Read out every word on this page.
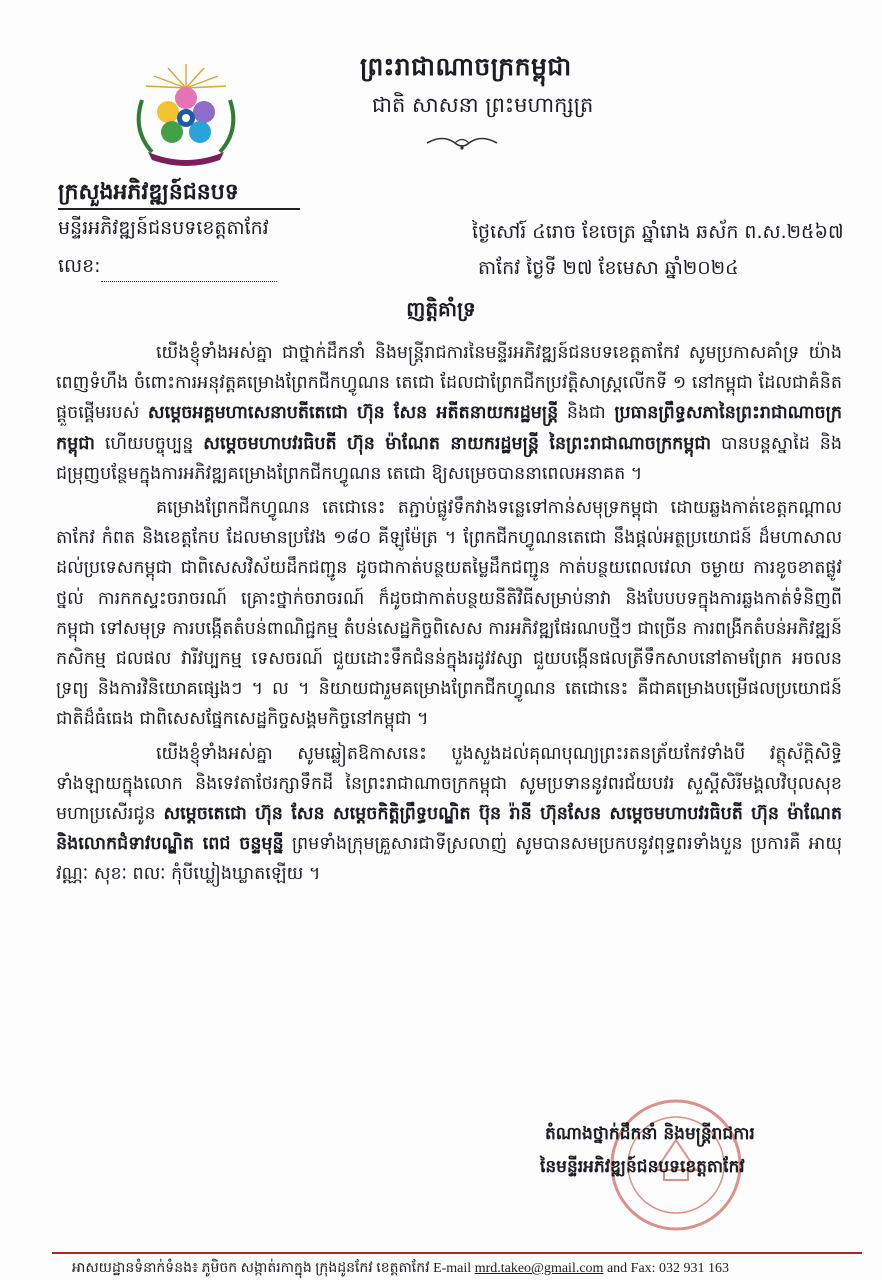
ព្រះរាជាណាចក្រកម្ពុជា
ជាតិ សាសនា ព្រះមហាក្សត្រ
ក្រសួងអភិវឌ្ឍន៍ជនបទ
មន្ទីរអភិវឌ្ឍន៍ជនបទខេត្តតាកែវ
លេខ:
ថ្ងៃសៅរ៍ ៤រោច ខែចេត្រ ឆ្នាំរោង ឆស័ក ព.ស.២៥៦៧
តាកែវ ថ្ងៃទី ២៧ ខែមេសា ឆ្នាំ២០២៤
ញត្តិគាំទ្រ

យើងខ្ញុំទាំងអស់គ្នា ជាថ្នាក់ដឹកនាំ និងមន្ត្រីរាជការនៃមន្ទីរអភិវឌ្ឍន៍ជនបទខេត្តតាកែវ សូមប្រកាសគាំទ្រ យ៉ាងពេញទំហឹង ចំពោះការអនុវត្តគម្រោងព្រែកជីកហ្វូណន តេជោ ដែលជាព្រែកជីកប្រវត្តិសាស្ត្រលើកទី ១ នៅកម្ពុជា ដែលជាគំនិតផ្តួចផ្តើមរបស់ សម្តេចអគ្គមហាសេនាបតីតេជោ ហ៊ុន សែន អតីតនាយករដ្ឋមន្ត្រី និងជា ប្រធានព្រឹទ្ធសភានៃព្រះរាជាណាចក្រកម្ពុជា ហើយបច្ចុប្បន្ន សម្តេចមហាបវរធិបតី ហ៊ុន ម៉ាណែត នាយករដ្ឋមន្ត្រី នៃព្រះរាជាណាចក្រកម្ពុជា បានបន្តស្នាដៃ និងជម្រុញបន្ថែមក្នុងការអភិវឌ្ឍគម្រោងព្រែកជីកហ្វូណន តេជោ ឱ្យសម្រេចបាននាពេលអនាគត ។

គម្រោងព្រែកជីកហ្វូណន តេជោនេះ តភ្ជាប់ផ្លូវទឹកវាងទន្លេទៅកាន់សមុទ្រកម្ពុជា ដោយឆ្លងកាត់ខេត្តកណ្តាល តាកែវ កំពត និងខេត្តកែប ដែលមានប្រវែង ១៨០ គីឡូម៉ែត្រ ។ ព្រែកជីកហ្វូណនតេជោ នឹងផ្តល់អត្ថប្រយោជន៍ ដ៏មហាសាលដល់ប្រទេសកម្ពុជា ជាពិសេសវិស័យដឹកជញ្ជូន ដូចជាកាត់បន្ថយតម្លៃដឹកជញ្ជូន កាត់បន្ថយពេលវេលា ចម្ងាយ ការខូចខាតផ្លូវថ្នល់ ការកកស្ទះចរាចរណ៍ គ្រោះថ្នាក់ចរាចរណ៍ ក៏ដូចជាកាត់បន្ថយនីតិវិធីសម្រាប់នាវា និងបែបបទក្នុងការឆ្លងកាត់ទំនិញពីកម្ពុជា ទៅសមុទ្រ ការបង្កើតតំបន់ពាណិជ្ជកម្ម តំបន់សេដ្ឋកិច្ចពិសេស ការអភិវឌ្ឍផែរណបថ្មីៗ ជាច្រើន ការពង្រីកតំបន់អភិវឌ្ឍន៍ កសិកម្ម ជលផល វារីវប្បកម្ម ទេសចរណ៍ ជួយដោះទឹកជំនន់ក្នុងរដូវវស្សា ជួយបង្កើនផលត្រីទឹកសាបនៅតាមព្រែក អចលនទ្រព្យ និងការវិនិយោគផ្សេងៗ ។ ល ។ និយាយជារួមគម្រោងព្រែកជីកហ្វូណន តេជោនេះ គឺជាគម្រោងបម្រើផលប្រយោជន៍ជាតិដ៏ធំធេង ជាពិសេសផ្នែកសេដ្ឋកិច្ចសង្គមកិច្ចនៅកម្ពុជា ។

យើងខ្ញុំទាំងអស់គ្នា សូមឆ្លៀតឱកាសនេះ បួងសួងដល់គុណបុណ្យព្រះរតនត្រ័យកែវទាំងបី វត្ថុស័ក្តិសិទ្ធិ ទាំងឡាយក្នុងលោក និងទេវតាថែរក្សាទឹកដី នៃព្រះរាជាណាចក្រកម្ពុជា សូមប្រទាននូវពរជ័យបវរ សួស្តីសិរីមង្គលវិបុលសុខ មហាប្រសើរជូន សម្តេចតេជោ ហ៊ុន សែន សម្តេចកិត្តិព្រឹទ្ធបណ្ឌិត ប៊ុន រ៉ានី ហ៊ុនសែន សម្តេចមហាបវរធិបតី ហ៊ុន ម៉ាណែត និងលោកជំទាវបណ្ឌិត ពេជ ចន្ទមុន្នី ព្រមទាំងក្រុមគ្រួសារជាទីស្រលាញ់ សូមបានសមប្រកបនូវពុទ្ធពរទាំងបួន ប្រការគឺ អាយុ វណ្ណៈ សុខៈ ពលៈ កុំបីឃ្លៀងឃ្លាតឡើយ ។

តំណាងថ្នាក់ដឹកនាំ និងមន្ត្រីរាជការ
នៃមន្ទីរអភិវឌ្ឍន៍ជនបទខេត្តតាកែវ
អាសយដ្ឋានទំនាក់ទំនង៖ ភូមិចក សង្កាត់រកាក្នុង ក្រុងដូនកែវ ខេត្តតាកែវ E-mail mrd.takeo@gmail.com and Fax: 032 931 163
